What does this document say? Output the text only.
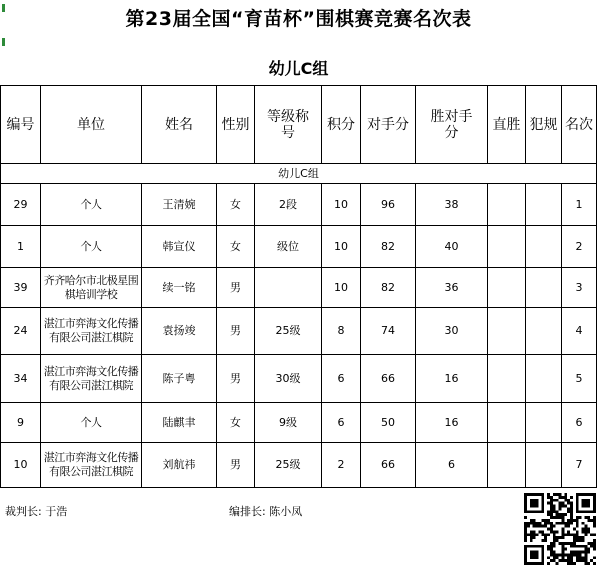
第23届全国“育苗杯”围棋赛竞赛名次表
幼儿C组
编号	单位	姓名	性别	等级称号	积分	对手分	胜对手分	直胜	犯规	名次
幼儿C组										
29	个人	王清婉	女	2段	10	96	38			1
1	个人	韩宣仪	女	级位	10	82	40			2
39	齐齐哈尔市北极星围棋培训学校	续一铭	男		10	82	36			3
24	湛江市弈海文化传播有限公司湛江棋院	袁扬竣	男	25级	8	74	30			4
34	湛江市弈海文化传播有限公司湛江棋院	陈子粤	男	30级	6	66	16			5
9	个人	陆麒聿	女	9级	6	50	16			6
10	湛江市弈海文化传播有限公司湛江棋院	刘航祎	男	25级	2	66	6			7
裁判长: 于浩	编排长: 陈小凤
